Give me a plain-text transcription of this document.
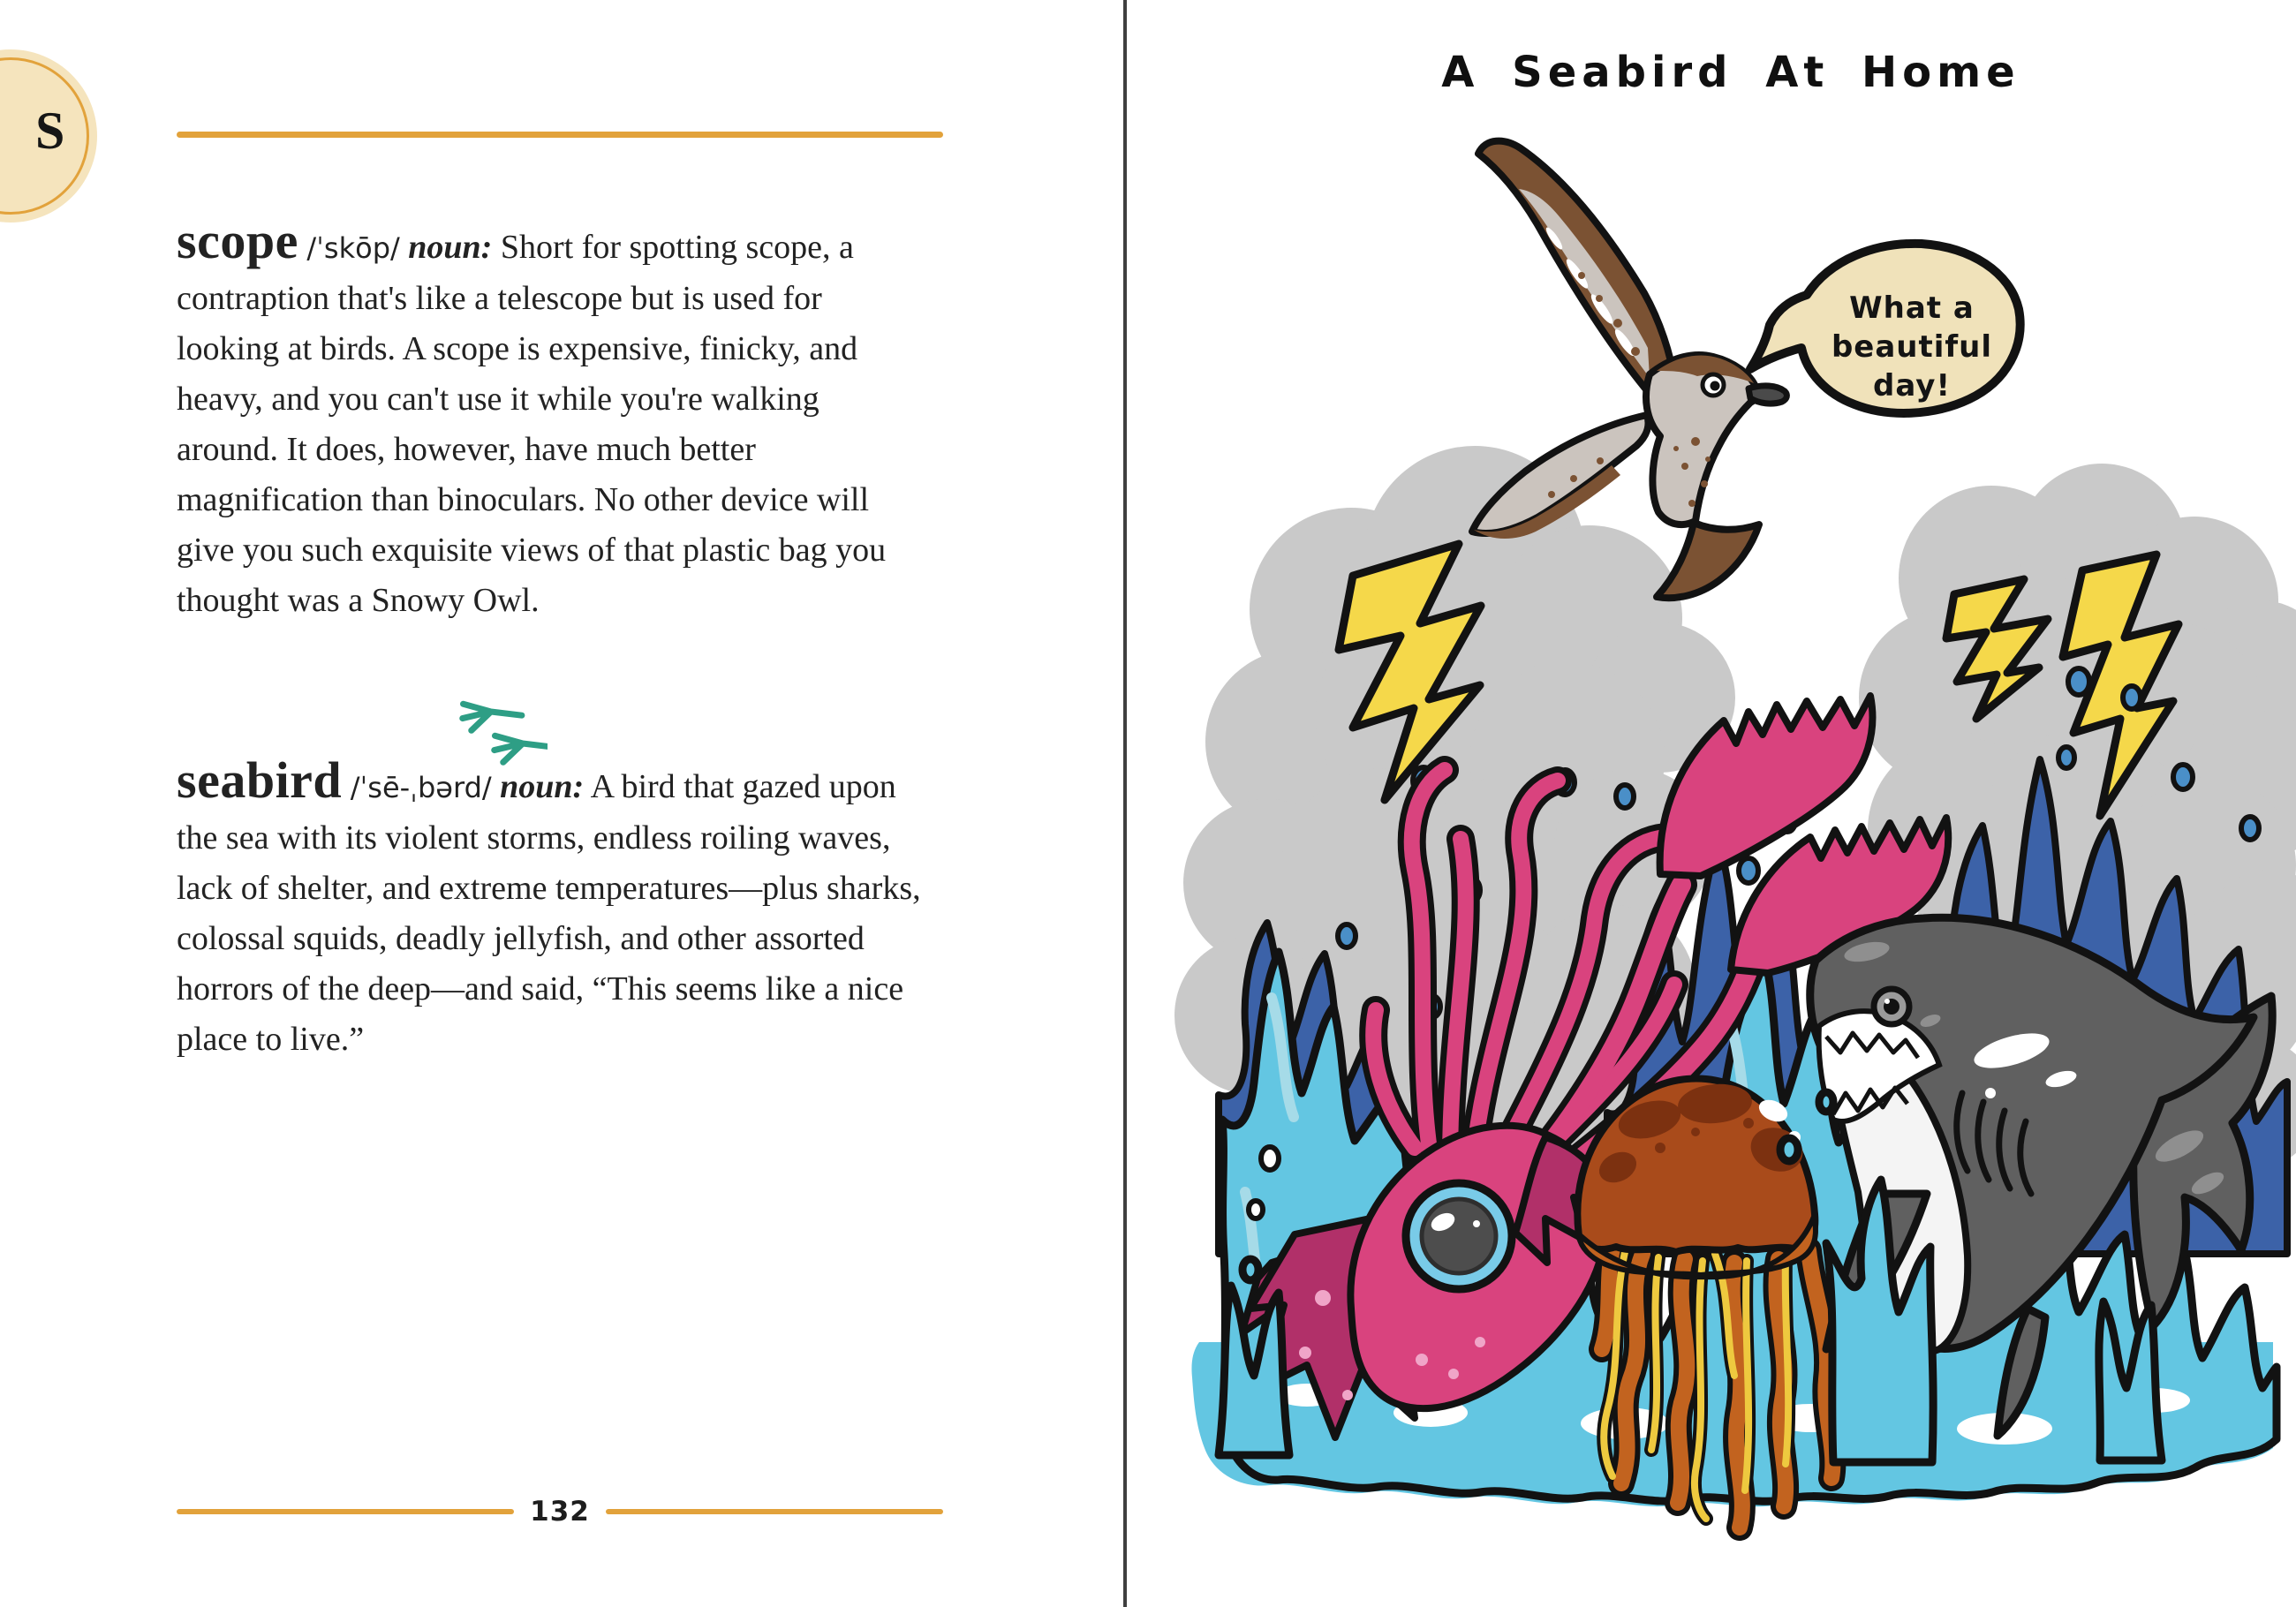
S

scope /ˈskōp/ noun: Short for spotting scope, a contraption that's like a telescope but is used for looking at birds. A scope is expensive, finicky, and heavy, and you can't use it while you're walking around. It does, however, have much better magnification than binoculars. No other device will give you such exquisite views of that plastic bag you thought was a Snowy Owl.

seabird /ˈsē-ˌbərd/ noun: A bird that gazed upon the sea with its violent storms, endless roiling waves, lack of shelter, and extreme temperatures—plus sharks, colossal squids, deadly jellyfish, and other assorted horrors of the deep—and said, “This seems like a nice place to live.”

132
A Seabird At Home
What a
beautiful
day!
